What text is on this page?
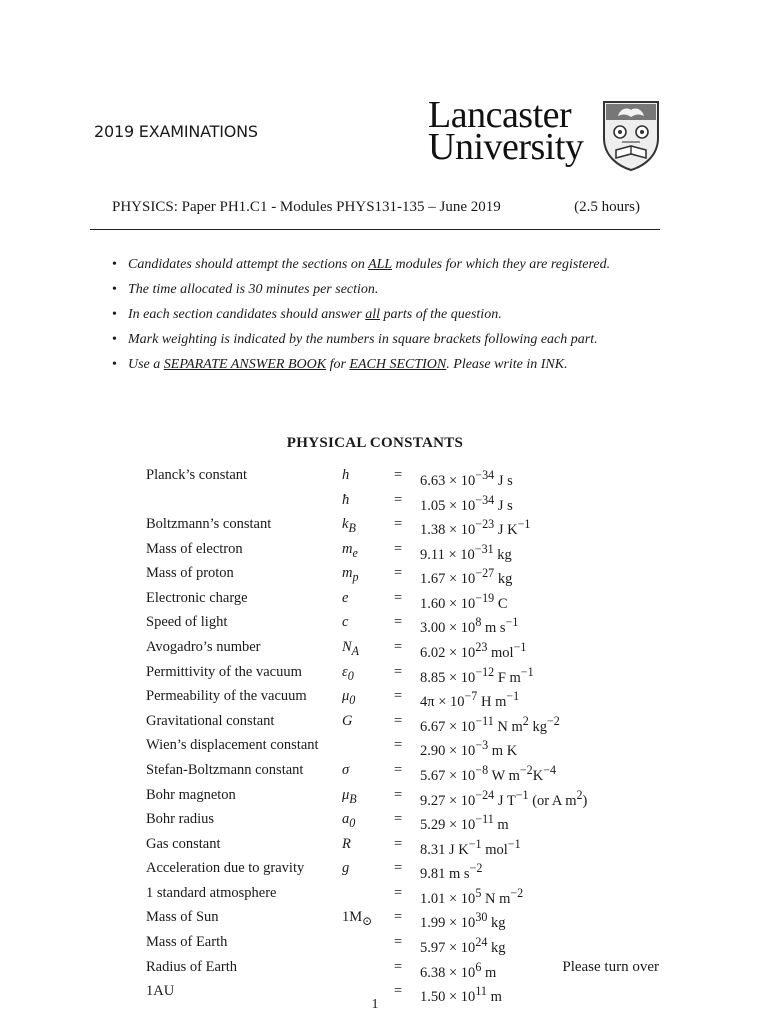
2019 EXAMINATIONS	Lancaster
University
PHYSICS: Paper PH1.C1 - Modules PHYS131-135 – June 2019	(2.5 hours)
• Candidates should attempt the sections on ALL modules for which they are registered.
• The time allocated is 30 minutes per section.
• In each section candidates should answer all parts of the question.
• Mark weighting is indicated by the numbers in square brackets following each part.
• Use a SEPARATE ANSWER BOOK for EACH SECTION. Please write in INK.
PHYSICAL CONSTANTS
Planck’s constant	h	=	$6.63 \times 10^{-34}$ J s
	ħ	=	$1.05 \times 10^{-34}$ J s
Boltzmann’s constant	$k_B$	=	$1.38 \times 10^{-23}$ J $K^{-1}$
Mass of electron	$m_e$	=	$9.11 \times 10^{-31}$ kg
Mass of proton	$m_p$	=	$1.67 \times 10^{-27}$ kg
Electronic charge	e	=	$1.60 \times 10^{-19}$ C
Speed of light	c	=	$3.00 \times 10^8$ m $s^{-1}$
Avogadro’s number	$N_A$	=	$6.02 \times 10^{23}$ mol$^{-1}$
Permittivity of the vacuum	$\varepsilon_0$	=	$8.85 \times 10^{-12}$ F $m^{-1}$
Permeability of the vacuum	$\mu_0$	=	$4\pi \times 10^{-7}$ H $m^{-1}$
Gravitational constant	G	=	$6.67 \times 10^{-11}$ N $m^2$ $kg^{-2}$
Wien’s displacement constant		=	$2.90 \times 10^{-3}$ m K
Stefan-Boltzmann constant	σ	=	$5.67 \times 10^{-8}$ W $m^{-2}K^{-4}$
Bohr magneton	$\mu_B$	=	$9.27 \times 10^{-24}$ J $T^{-1}$ (or A $m^2$)
Bohr radius	$a_0$	=	$5.29 \times 10^{-11}$ m
Gas constant	R	=	8.31 J $K^{-1}$ mol$^{-1}$
Acceleration due to gravity	g	=	9.81 m $s^{-2}$
1 standard atmosphere		=	$1.01 \times 10^5$ N $m^{-2}$
Mass of Sun	$1M_⊙$	=	$1.99 \times 10^{30}$ kg
Mass of Earth		=	$5.97 \times 10^{24}$ kg
Radius of Earth		=	$6.38 \times 10^6$ m
1AU		=	$1.50 \times 10^{11}$ m
Please turn over
1
